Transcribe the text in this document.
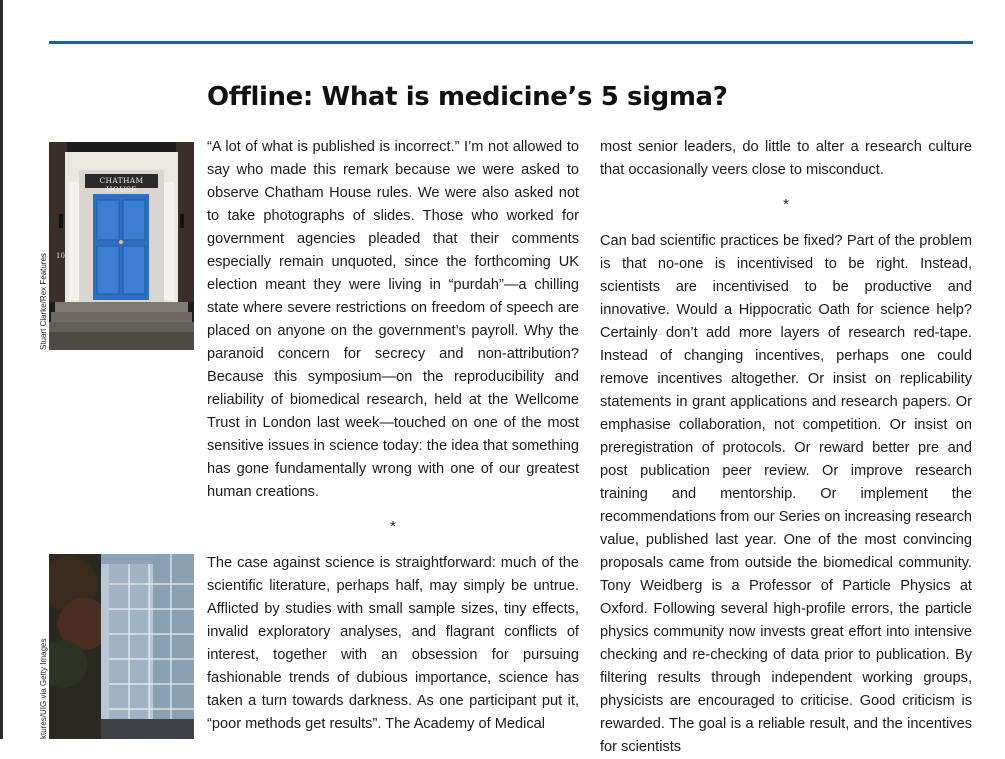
Offline: What is medicine’s 5 sigma?
CHATHAM HOUSE
10
Stuart Clarke/Rex Features
ktures/UIG via Getty Images

“A lot of what is published is incorrect.” I’m not allowed to say who made this remark because we were asked to observe Chatham House rules. We were also asked not to take photographs of slides. Those who worked for government agencies pleaded that their comments especially remain unquoted, since the forthcoming UK election meant they were living in “purdah”—a chilling state where severe restrictions on freedom of speech are placed on anyone on the government’s payroll. Why the paranoid concern for secrecy and non-attribution? Because this symposium—on the reproducibility and reliability of biomedical research, held at the Wellcome Trust in London last week—touched on one of the most sensitive issues in science today: the idea that something has gone fundamentally wrong with one of our greatest human creations.

*

The case against science is straightforward: much of the scientific literature, perhaps half, may simply be untrue. Afflicted by studies with small sample sizes, tiny effects, invalid exploratory analyses, and flagrant conflicts of interest, together with an obsession for pursuing fashionable trends of dubious importance, science has taken a turn towards darkness. As one participant put it, “poor methods get results”. The Academy of Medical

most senior leaders, do little to alter a research culture that occasionally veers close to misconduct.

*

Can bad scientific practices be fixed? Part of the problem is that no-one is incentivised to be right. Instead, scientists are incentivised to be productive and innovative. Would a Hippocratic Oath for science help? Certainly don’t add more layers of research red-tape. Instead of changing incentives, perhaps one could remove incentives altogether. Or insist on replicability statements in grant applications and research papers. Or emphasise collaboration, not competition. Or insist on preregistration of protocols. Or reward better pre and post publication peer review. Or improve research training and mentorship. Or implement the recommendations from our Series on increasing research value, published last year. One of the most convincing proposals came from outside the biomedical community. Tony Weidberg is a Professor of Particle Physics at Oxford. Following several high-profile errors, the particle physics community now invests great effort into intensive checking and re-checking of data prior to publication. By filtering results through independent working groups, physicists are encouraged to criticise. Good criticism is rewarded. The goal is a reliable result, and the incentives for scientists
